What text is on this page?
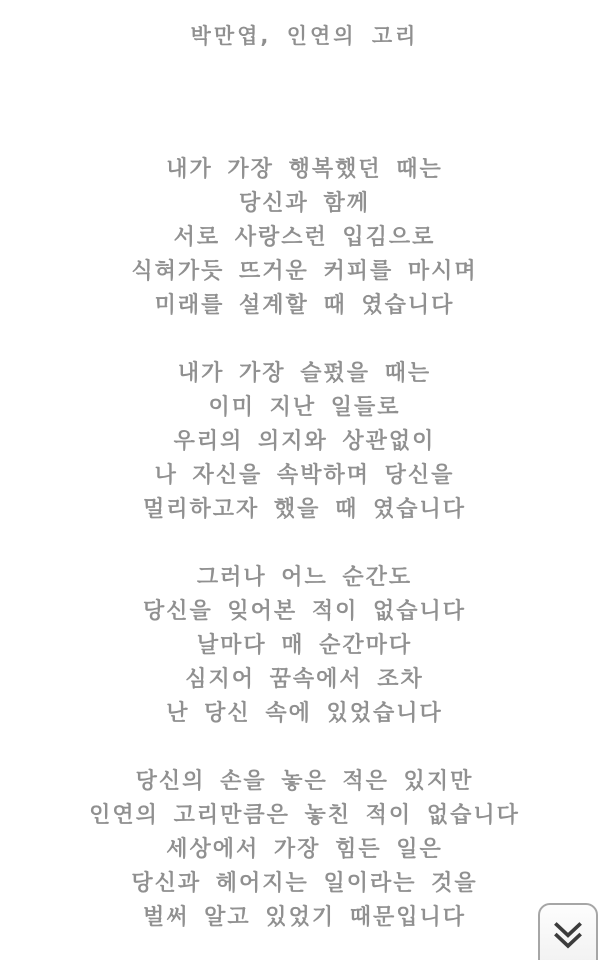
박만엽, 인연의 고리
내가 가장 행복했던 때는
당신과 함께
서로 사랑스런 입김으로
식혀가듯 뜨거운 커피를 마시며
미래를 설계할 때 였습니다
내가 가장 슬펐을 때는
이미 지난 일들로
우리의 의지와 상관없이
나 자신을 속박하며 당신을
멀리하고자 했을 때 였습니다
그러나 어느 순간도
당신을 잊어본 적이 없습니다
날마다 매 순간마다
심지어 꿈속에서 조차
난 당신 속에 있었습니다
당신의 손을 놓은 적은 있지만
인연의 고리만큼은 놓친 적이 없습니다
세상에서 가장 힘든 일은
당신과 헤어지는 일이라는 것을
벌써 알고 있었기 때문입니다
